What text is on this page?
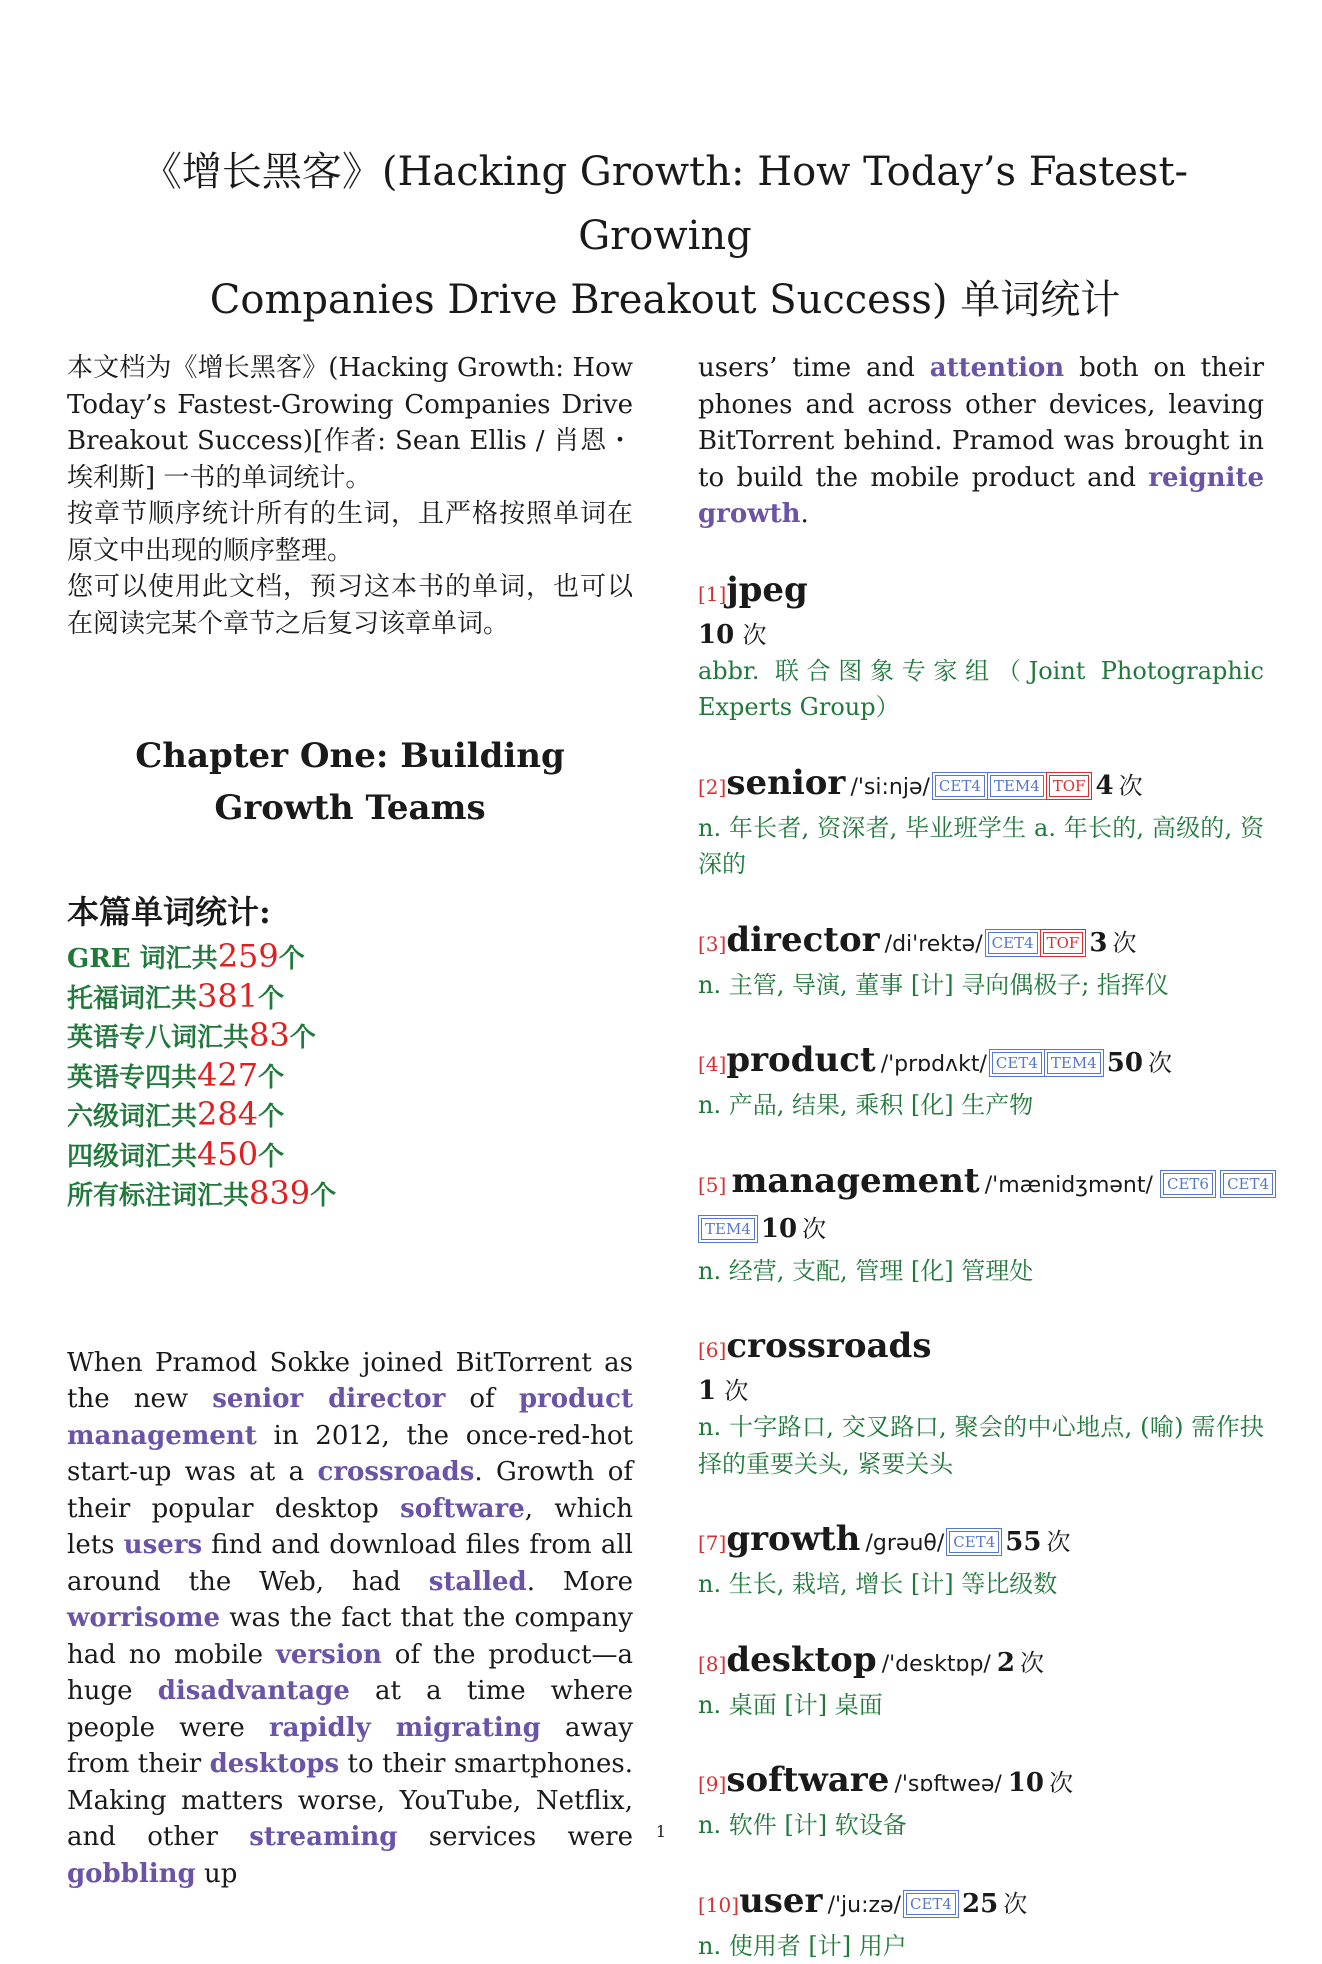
《增长黑客》(Hacking Growth: How Today’s Fastest-Growing
Companies Drive Breakout Success) 单词统计

本文档为《增长黑客》(Hacking Growth: How Today’s Fastest-Growing Companies Drive Breakout Success)[作者: Sean Ellis / 肖恩・埃利斯] 一书的单词统计。

按章节顺序统计所有的生词，且严格按照单词在原文中出现的顺序整理。

您可以使用此文档，预习这本书的单词，也可以在阅读完某个章节之后复习该章单词。

Chapter One: Building Growth Teams
本篇单词统计:
GRE 词汇共259个
托福词汇共381个
英语专八词汇共83个
英语专四共427个
六级词汇共284个
四级词汇共450个
所有标注词汇共839个
When Pramod Sokke joined BitTorrent as the new senior director of product management in 2012, the once-red-hot start-up was at a crossroads. Growth of their popular desktop software, which lets users find and download files from all around the Web, had stalled. More worrisome was the fact that the company had no mobile version of the product—a huge disadvantage at a time where people were rapidly migrating away from their desktops to their smartphones. Making matters worse, YouTube, Netflix, and other streaming services were gobbling up

users’ time and attention both on their phones and across other devices, leaving BitTorrent behind. Pramod was brought in to build the mobile product and reignite growth.

[1]jpeg
10 次
abbr. 联合图象专家组（Joint Photographic Experts Group）
[2]senior /'si:njə/ CET4 TEM4 TOF 4 次
n. 年长者, 资深者, 毕业班学生 a. 年长的, 高级的, 资深的
[3]director /di'rektə/ CET4 TOF 3 次
n. 主管, 导演, 董事 [计] 寻向偶极子; 指挥仪
[4]product /'prɒdʌkt/ CET4 TEM4 50 次
n. 产品, 结果, 乘积 [化] 生产物
[5] management /'mænidʒmənt/ CET6 CET4
TEM4 10 次
n. 经营, 支配, 管理 [化] 管理处
[6]crossroads
1 次
n. 十字路口, 交叉路口, 聚会的中心地点, (喻) 需作抉择的重要关头, 紧要关头
[7]growth /grəuθ/ CET4 55 次
n. 生长, 栽培, 增长 [计] 等比级数
[8]desktop /'desktɒp/ 2 次
n. 桌面 [计] 桌面
[9]software /'sɒftweə/ 10 次
n. 软件 [计] 软设备
[10]user /'ju:zə/ CET4 25 次
n. 使用者 [计] 用户
1
